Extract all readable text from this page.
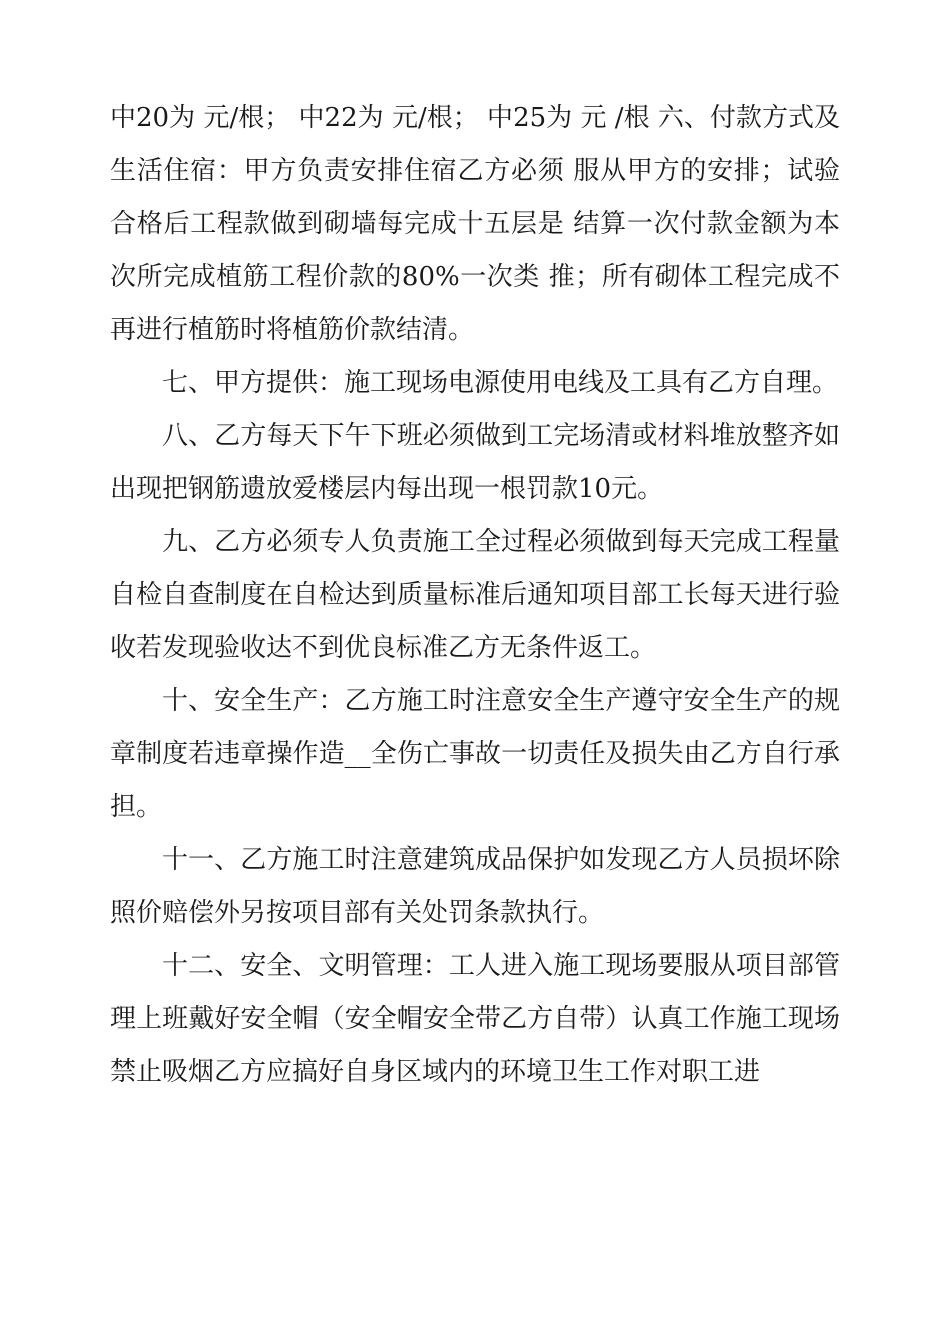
中20为 元/根； 中22为 元/根； 中25为 元 /根 六、付款方式及生活住宿：甲方负责安排住宿乙方必须 服从甲方的安排；试验合格后工程款做到砌墙每完成十五层是 结算一次付款金额为本次所完成植筋工程价款的80%一次类 推；所有砌体工程完成不再进行植筋时将植筋价款结清。

七、甲方提供：施工现场电源使用电线及工具有乙方自理。

八、乙方每天下午下班必须做到工完场清或材料堆放整齐如出现把钢筋遗放爱楼层内每出现一根罚款10元。

九、乙方必须专人负责施工全过程必须做到每天完成工程量自检自查制度在自检达到质量标准后通知项目部工长每天进行验收若发现验收达不到优良标准乙方无条件返工。

十、安全生产：乙方施工时注意安全生产遵守安全生产的规章制度若违章操作造__全伤亡事故一切责任及损失由乙方自行承担。

十一、乙方施工时注意建筑成品保护如发现乙方人员损坏除照价赔偿外另按项目部有关处罚条款执行。

十二、安全、文明管理：工人进入施工现场要服从项目部管理上班戴好安全帽（安全帽安全带乙方自带）认真工作施工现场禁止吸烟乙方应搞好自身区域内的环境卫生工作对职工进
